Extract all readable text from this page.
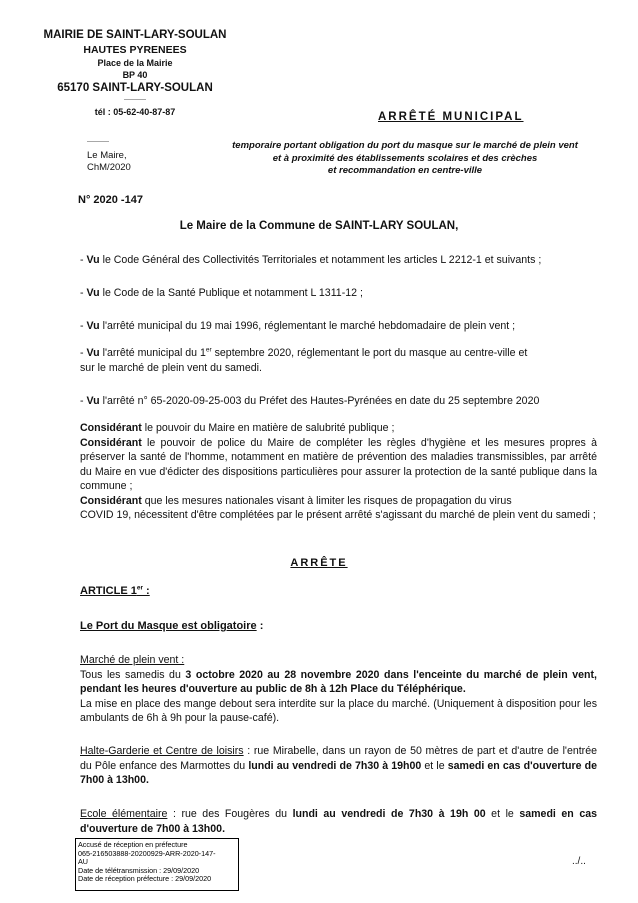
MAIRIE DE SAINT-LARY-SOULAN
HAUTES PYRENEES
Place de la Mairie
BP 40
65170 SAINT-LARY-SOULAN
-----------
tél : 05-62-40-87-87
-----------
Le Maire,
ChM/2020
ARRÊTÉ MUNICIPAL
temporaire portant obligation du port du masque sur le marché de plein vent
et à proximité des établissements scolaires et des crèches
et recommandation en centre-ville
N° 2020 -147
Le Maire de la Commune de SAINT-LARY SOULAN,
- Vu le Code Général des Collectivités Territoriales et notamment les articles L 2212-1 et suivants ;
- Vu le Code de la Santé Publique et notamment L 1311-12 ;
- Vu l'arrêté municipal du 19 mai 1996, réglementant le marché hebdomadaire de plein vent ;
- Vu l'arrêté municipal du 1er septembre 2020, réglementant le port du masque au centre-ville et
sur le marché de plein vent du samedi.
- Vu l'arrêté n° 65-2020-09-25-003 du Préfet des Hautes-Pyrénées en date du 25 septembre 2020
Considérant le pouvoir du Maire en matière de salubrité publique ;
Considérant le pouvoir de police du Maire de compléter les règles d'hygiène et les mesures propres à préserver la santé de l'homme, notamment en matière de prévention des maladies transmissibles, par arrêté du Maire en vue d'édicter des dispositions particulières pour assurer la protection de la santé publique dans la commune ;
Considérant que les mesures nationales visant à limiter les risques de propagation du virus
COVID 19, nécessitent d'être complétées par le présent arrêté s'agissant du marché de plein vent du samedi ;
ARRÊTE
ARTICLE 1er :
Le Port du Masque est obligatoire :
Marché de plein vent :
Tous les samedis du 3 octobre 2020 au 28 novembre 2020 dans l'enceinte du marché de plein vent, pendant les heures d'ouverture au public de 8h à 12h Place du Téléphérique.
La mise en place des mange debout sera interdite sur la place du marché. (Uniquement à disposition pour les ambulants de 6h à 9h pour la pause-café).
Halte-Garderie et Centre de loisirs : rue Mirabelle, dans un rayon de 50 mètres de part et d'autre de l'entrée du Pôle enfance des Marmottes du lundi au vendredi de 7h30 à 19h00 et le samedi en cas d'ouverture de 7h00 à 13h00.
Ecole élémentaire : rue des Fougères du lundi au vendredi de 7h30 à 19h 00 et le samedi en cas d'ouverture de 7h00 à 13h00.
Accusé de réception en préfecture
065-216503888-20200929-ARR-2020-147-
AU
Date de télétransmission : 29/09/2020
Date de réception préfecture : 29/09/2020
../..
